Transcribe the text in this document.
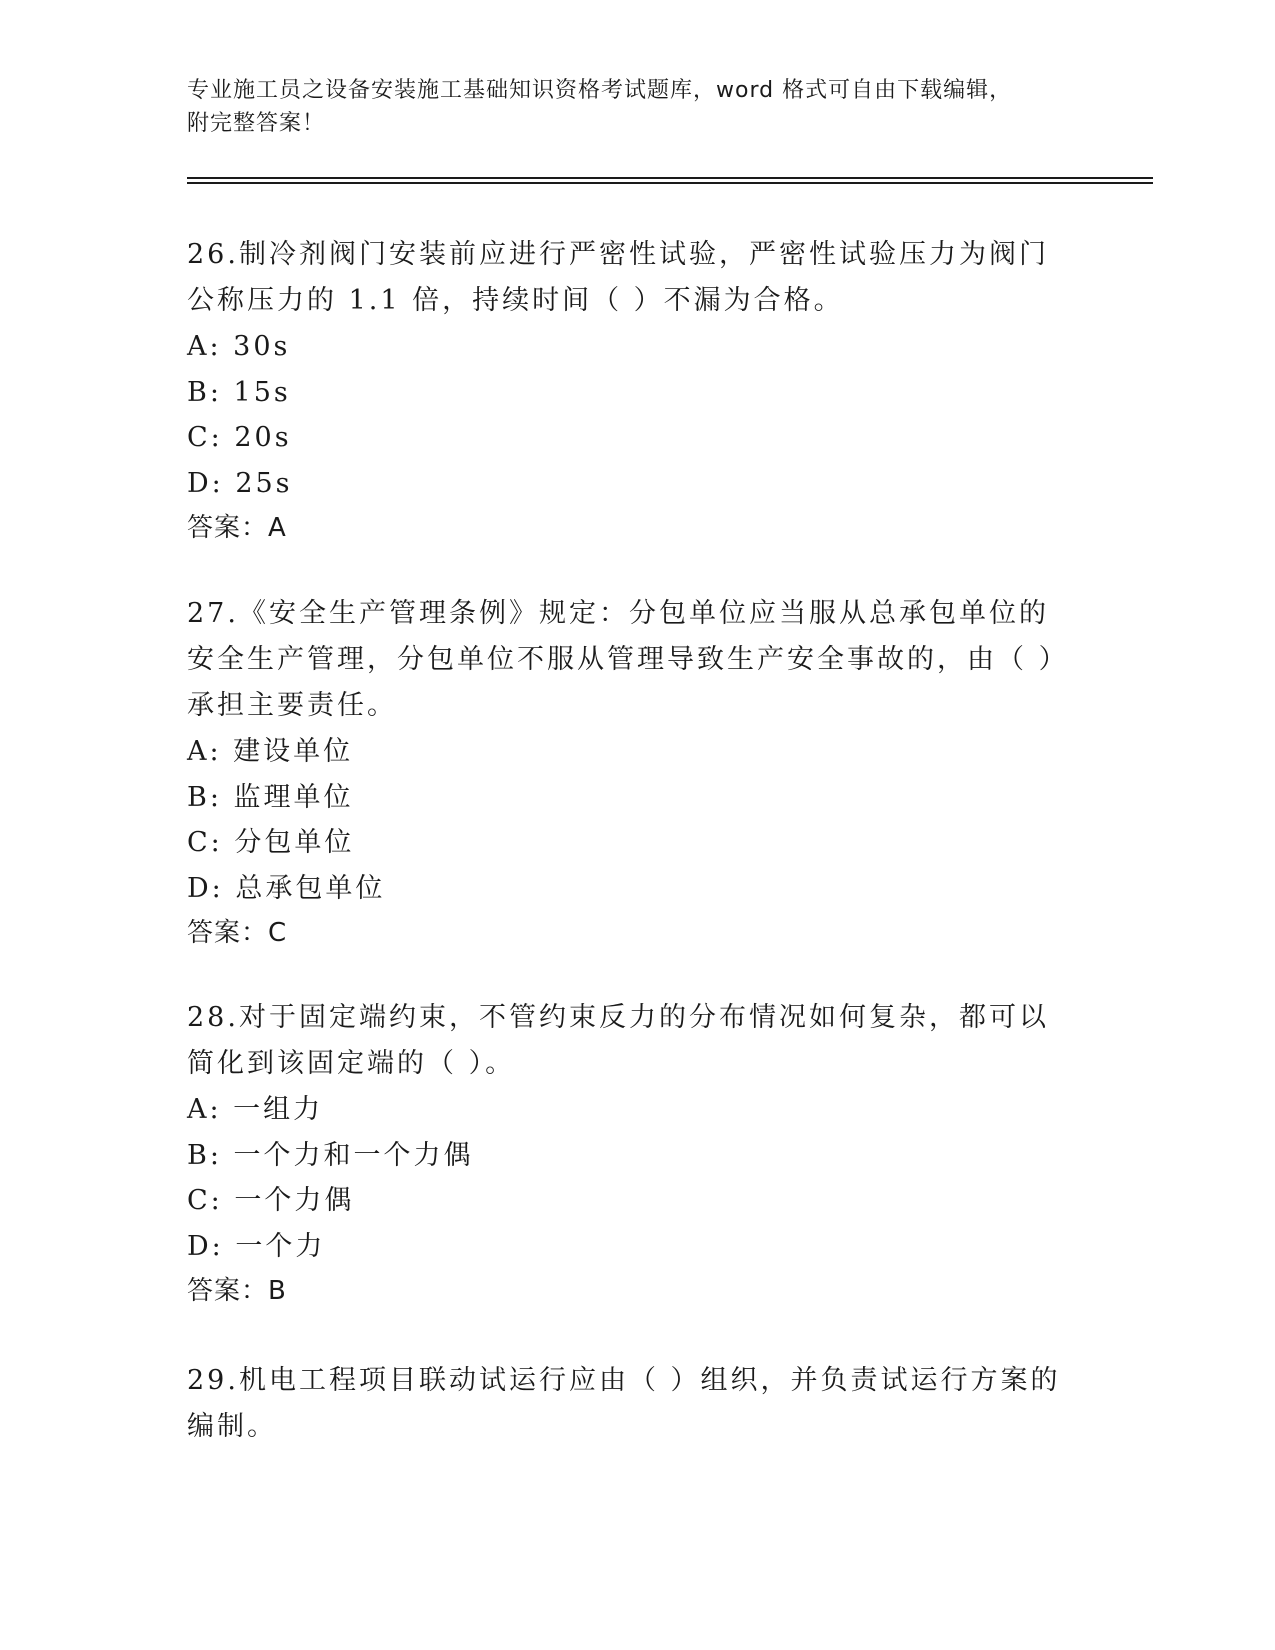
专业施工员之设备安装施工基础知识资格考试题库，word 格式可自由下载编辑，
附完整答案！
26.制冷剂阀门安装前应进行严密性试验，严密性试验压力为阀门公称压力的 1.1 倍，持续时间（ ）不漏为合格。
A: 30s
B: 15s
C: 20s
D: 25s
答案：A
27.《安全生产管理条例》规定：分包单位应当服从总承包单位的安全生产管理，分包单位不服从管理导致生产安全事故的，由（ ）承担主要责任。
A: 建设单位
B: 监理单位
C: 分包单位
D: 总承包单位
答案：C
28.对于固定端约束，不管约束反力的分布情况如何复杂，都可以简化到该固定端的（ ）。
A: 一组力
B: 一个力和一个力偶
C: 一个力偶
D: 一个力
答案：B
29.机电工程项目联动试运行应由（ ）组织，并负责试运行方案的编制。
